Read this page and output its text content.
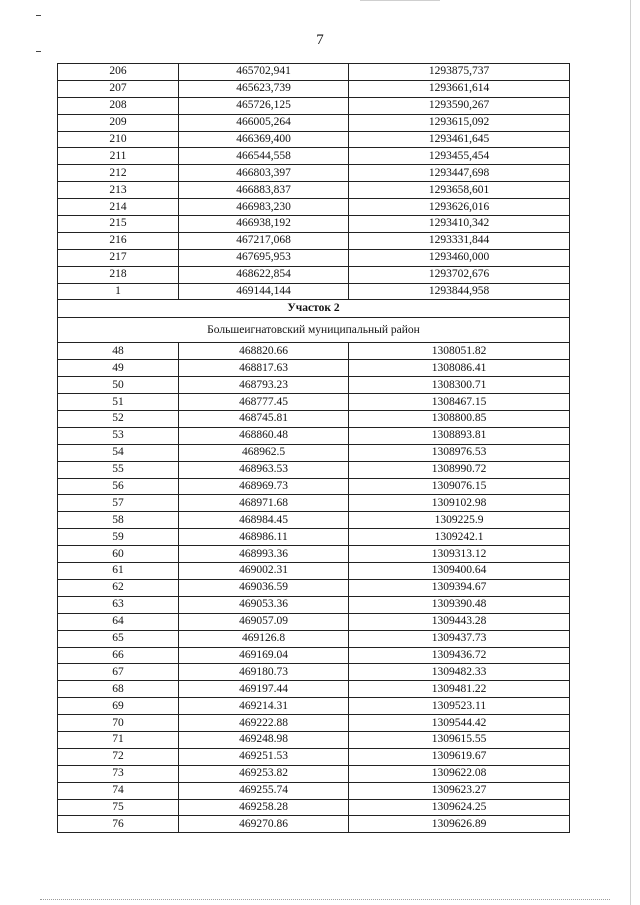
7
206	465702,941	1293875,737
207	465623,739	1293661,614
208	465726,125	1293590,267
209	466005,264	1293615,092
210	466369,400	1293461,645
211	466544,558	1293455,454
212	466803,397	1293447,698
213	466883,837	1293658,601
214	466983,230	1293626,016
215	466938,192	1293410,342
216	467217,068	1293331,844
217	467695,953	1293460,000
218	468622,854	1293702,676
1	469144,144	1293844,958
Участок 2		
Большеигнатовский муниципальный район		
48	468820.66	1308051.82
49	468817.63	1308086.41
50	468793.23	1308300.71
51	468777.45	1308467.15
52	468745.81	1308800.85
53	468860.48	1308893.81
54	468962.5	1308976.53
55	468963.53	1308990.72
56	468969.73	1309076.15
57	468971.68	1309102.98
58	468984.45	1309225.9
59	468986.11	1309242.1
60	468993.36	1309313.12
61	469002.31	1309400.64
62	469036.59	1309394.67
63	469053.36	1309390.48
64	469057.09	1309443.28
65	469126.8	1309437.73
66	469169.04	1309436.72
67	469180.73	1309482.33
68	469197.44	1309481.22
69	469214.31	1309523.11
70	469222.88	1309544.42
71	469248.98	1309615.55
72	469251.53	1309619.67
73	469253.82	1309622.08
74	469255.74	1309623.27
75	469258.28	1309624.25
76	469270.86	1309626.89
